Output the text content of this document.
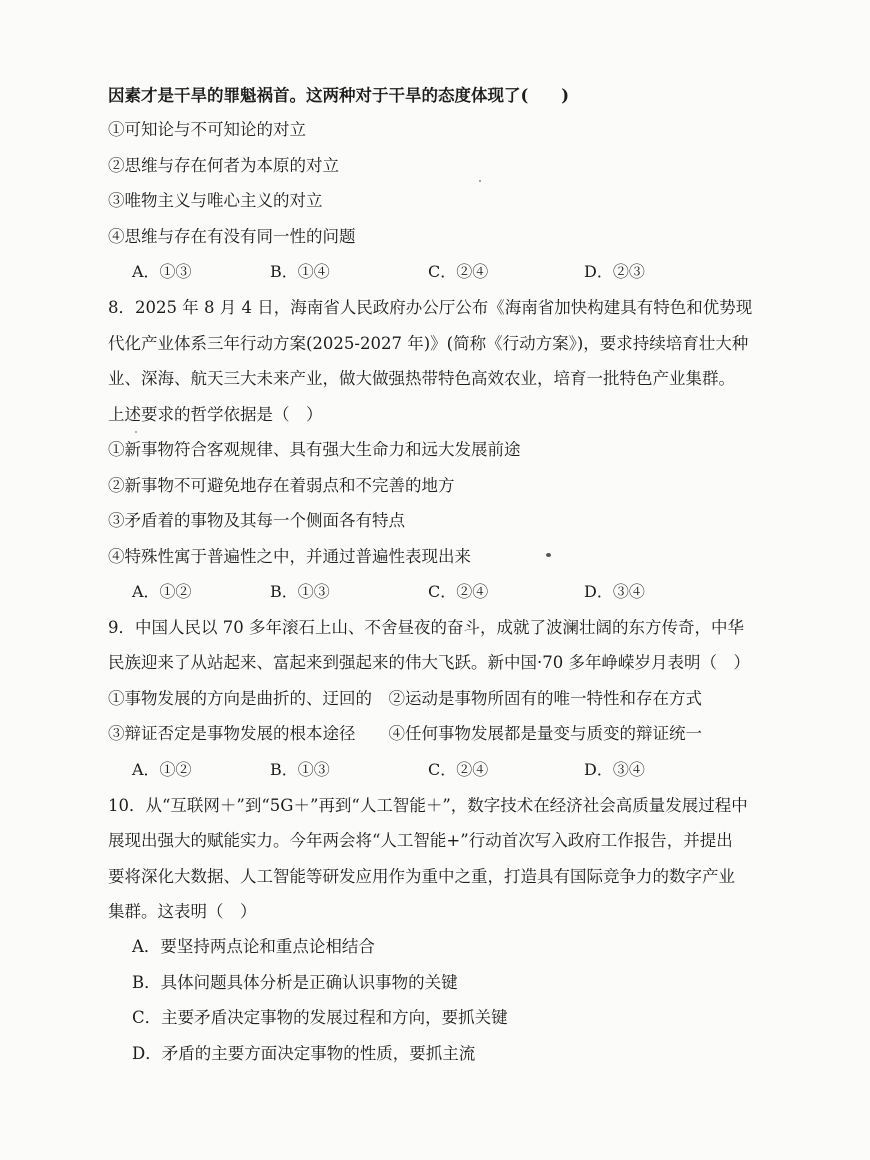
因素才是干旱的罪魁祸首。这两种对于干旱的态度体现了(　　)
①可知论与不可知论的对立
②思维与存在何者为本原的对立
③唯物主义与唯心主义的对立
④思维与存在有没有同一性的问题
A．①③	B．①④	C．②④	D．②③
8．2025 年 8 月 4 日，海南省人民政府办公厅公布《海南省加快构建具有特色和优势现
代化产业体系三年行动方案(2025-2027 年)》(简称《行动方案》)，要求持续培育壮大种
业、深海、航天三大未来产业，做大做强热带特色高效农业，培育一批特色产业集群。
上述要求的哲学依据是（　）
①新事物符合客观规律、具有强大生命力和远大发展前途
②新事物不可避免地存在着弱点和不完善的地方
③矛盾着的事物及其每一个侧面各有特点
④特殊性寓于普遍性之中，并通过普遍性表现出来
A．①②	B．①③	C．②④	D．③④
9．中国人民以 70 多年滚石上山、不舍昼夜的奋斗，成就了波澜壮阔的东方传奇，中华
民族迎来了从站起来、富起来到强起来的伟大飞跃。新中国·70 多年峥嵘岁月表明（　）
①事物发展的方向是曲折的、迂回的　②运动是事物所固有的唯一特性和存在方式
③辩证否定是事物发展的根本途径　　④任何事物发展都是量变与质变的辩证统一
A．①②	B．①③	C．②④	D．③④
10．从“互联网＋”到“5G＋”再到“人工智能＋”，数字技术在经济社会高质量发展过程中
展现出强大的赋能实力。今年两会将“人工智能+”行动首次写入政府工作报告，并提出
要将深化大数据、人工智能等研发应用作为重中之重，打造具有国际竞争力的数字产业
集群。这表明（　）
A．要坚持两点论和重点论相结合
B．具体问题具体分析是正确认识事物的关键
C．主要矛盾决定事物的发展过程和方向，要抓关键
D．矛盾的主要方面决定事物的性质，要抓主流
